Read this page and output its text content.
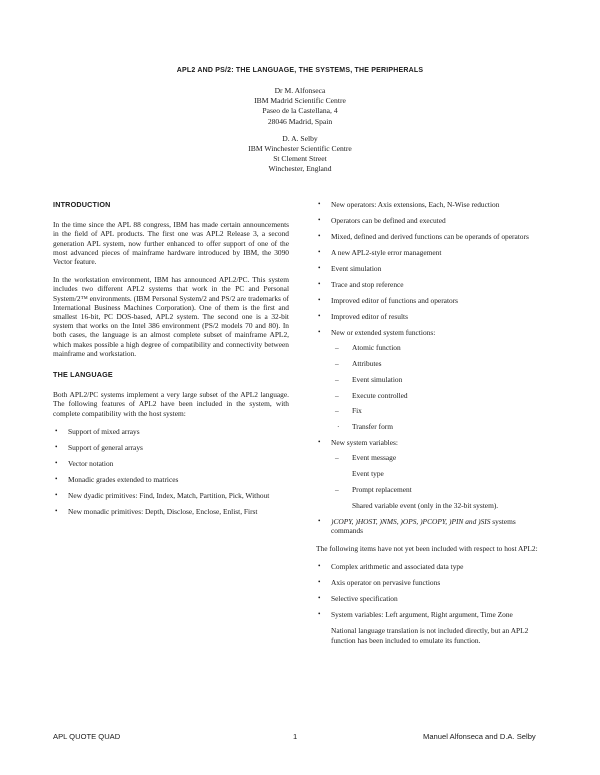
APL2 AND PS/2: THE LANGUAGE, THE SYSTEMS, THE PERIPHERALS
Dr M. Alfonseca
IBM Madrid Scientific Centre
Paseo de la Castellana, 4
28046 Madrid, Spain
D. A. Selby
IBM Winchester Scientific Centre
St Clement Street
Winchester, England
INTRODUCTION

In the time since the APL 88 congress, IBM has made certain announcements in the field of APL products. The first one was APL2 Release 3, a second generation APL system, now further enhanced to offer support of one of the most advanced pieces of mainframe hardware introduced by IBM, the 3090 Vector feature.

In the workstation environment, IBM has announced APL2/PC. This system includes two different APL2 systems that work in the PC and Personal System/2™ environments. (IBM Personal System/2 and PS/2 are trademarks of International Business Machines Corporation). One of them is the first and smallest 16-bit, PC DOS-based, APL2 system. The second one is a 32-bit system that works on the Intel 386 environment (PS/2 models 70 and 80). In both cases, the language is an almost complete subset of mainframe APL2, which makes possible a high degree of compatibility and connectivity between mainframe and workstation.

THE LANGUAGE

Both APL2/PC systems implement a very large subset of the APL2 language. The following features of APL2 have been included in the system, with complete compatibility with the host system:

• Support of mixed arrays
• Support of general arrays
• Vector notation
• Monadic grades extended to matrices
• New dyadic primitives: Find, Index, Match, Partition, Pick, Without
• New monadic primitives: Depth, Disclose, Enclose, Enlist, First
• New operators: Axis extensions, Each, N-Wise reduction
• Operators can be defined and executed
• Mixed, defined and derived functions can be operands of operators
• A new APL2-style error management
• Event simulation
• Trace and stop reference
• Improved editor of functions and operators
• Improved editor of results
• New or extended system functions:
– Atomic function
– Attributes
– Event simulation
– Execute controlled
– Fix
· Transfer form
• New system variables:
– Event message
Event type
– Prompt replacement
Shared variable event (only in the 32-bit system).
• )COPY, )HOST, )NMS, )OPS, )PCOPY, )PIN and )SIS systems commands

The following items have not yet been included with respect to host APL2:

• Complex arithmetic and associated data type
• Axis operator on pervasive functions
• Selective specification
• System variables: Left argument, Right argument, Time Zone
National language translation is not included directly, but an APL2 function has been included to emulate its function.
APL QUOTE QUAD	1	Manuel Alfonseca and D.A. Selby
